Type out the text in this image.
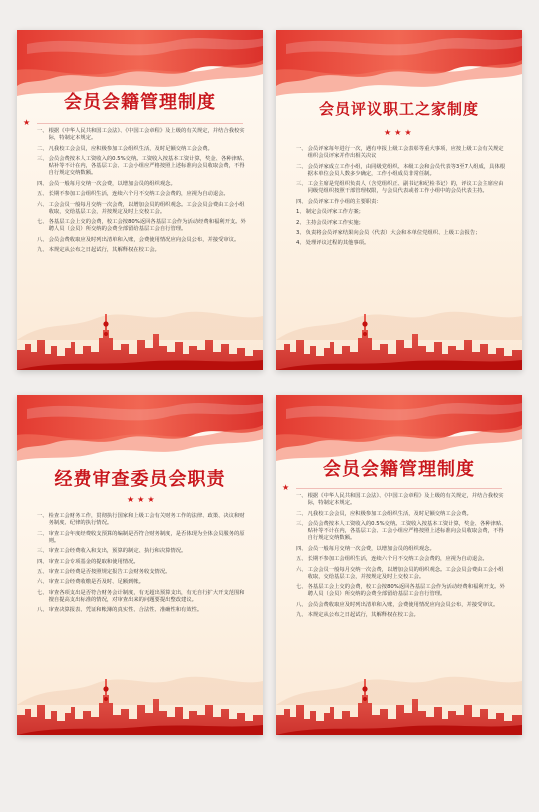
会员会籍管理制度
★
一、 根据《中华人民共和国工会法》、《中国工会章程》及上级的有关规定，并结合我校实际，特制定本规定。
二、 凡我校工会会员，应积极参加工会组织生活，及时足额交纳工会会费。
三、 会员会费按本人工资收入的0.5%交纳。工资收入按基本工资计算，奖金、各种津贴、贴补等不计在内，各基层工会、工会小组应严格按照上述标准向会员收取会费，不得自行规定交纳数额。
四、 会员一般每月交纳一次会费，以增加会员的组织观念。
五、 长期不参加工会组织生活，连续六个月不交纳工会会费的，应视为自动退会。
六、 工会会员一般每月交纳一次会费，以增加会员的组织观念。工会会员会费由工会小组收取，交给基层工会，并按规定及时上交校工会。
七、 各基层工会上交的会费，校工会按80%返回各基层工会作为活动经费和福利开支。外聘人员（会员）所交纳的会费全部留给基层工会自行管理。
八、 会员会费收取应及时列出清单和入账，会费使用情况应向会员公布，并接受审议。
九、 本规定从公布之日起试行，其解释权在校工会。
会员评议职工之家制度
★ ★ ★
一、 会员评家每年进行一次，遇有申报上级工会表彰等重大事项，应按上级工会有关规定组织会员评家并作出相关决议
二、 会员评家成立工作小组，由同级党组织、本级工会和会员代表等3至7人组成，具体根据本单位会员人数多少确定，工作小组成员非常任制。
三、 工会主席是党组织负责人（含党组织正、副书记和纪检书记）的，评议工会主席应由同级党组织按照干部管理权限，与会员代表或者工作小组中的会员代表主持。
四、 会员评家工作小组的主要职责：
1、 制定会员评家工作方案；
2、 主持会员评家工作实施；
3、 负责将会员评家结果向会员（代表）大会和本单位党组织、上级工会报告；
4、 处理评议过程的其他事项。
经费审查委员会职责
★ ★ ★
一、 检查工会财务工作，贯彻执行国家和上级工会有关财务工作的法律、政策、决议和财务制度、纪律的执行情况。
二、 审查工会年度经费收支预算的编制是否符合财务制度，是否体现为全体会员服务的原则。
三、 审查工会经费收入和支出，预算的制定、执行和决算情况。
四、 审查工会专项基金的提取和使用情况。
五、 审查工会经费是否按照规定报告工会财务收支情况。
六、 审查工会经费收缴是否及时、足额到帐。
七、 审查各项支出是否符合财务会计制度，有无超出预算支出，有无自行扩大开支范围和擅自提高支出标准的情况，对审查出来的问题要提出整改建议。
八、 审查决算报表、凭证和帐簿的真实性、合法性、准确性和有效性。
会员会籍管理制度
★
一、 根据《中华人民共和国工会法》、《中国工会章程》及上级的有关规定，并结合我校实际，特制定本规定。
二、 凡我校工会会员，应积极参加工会组织生活，及时足额交纳工会会费。
三、 会员会费按本人工资收入的0.5%交纳。工资收入按基本工资计算，奖金、各种津贴、贴补等不计在内，各基层工会、工会小组应严格按照上述标准向会员收取会费，不得自行规定交纳数额。
四、 会员一般每月交纳一次会费，以增加会员的组织观念。
五、 长期不参加工会组织生活，连续六个月不交纳工会会费的，应视为自动退会。
六、 工会会员一般每月交纳一次会费，以增加会员的组织观念。工会会员会费由工会小组收取，交给基层工会，并按规定及时上交校工会。
七、 各基层工会上交的会费，校工会按80%返回各基层工会作为活动经费和福利开支。外聘人员（会员）所交纳的会费全部留给基层工会自行管理。
八、 会员会费收取应及时列出清单和入账，会费使用情况应向会员公布，并接受审议。
九、 本规定从公布之日起试行，其解释权在校工会。
